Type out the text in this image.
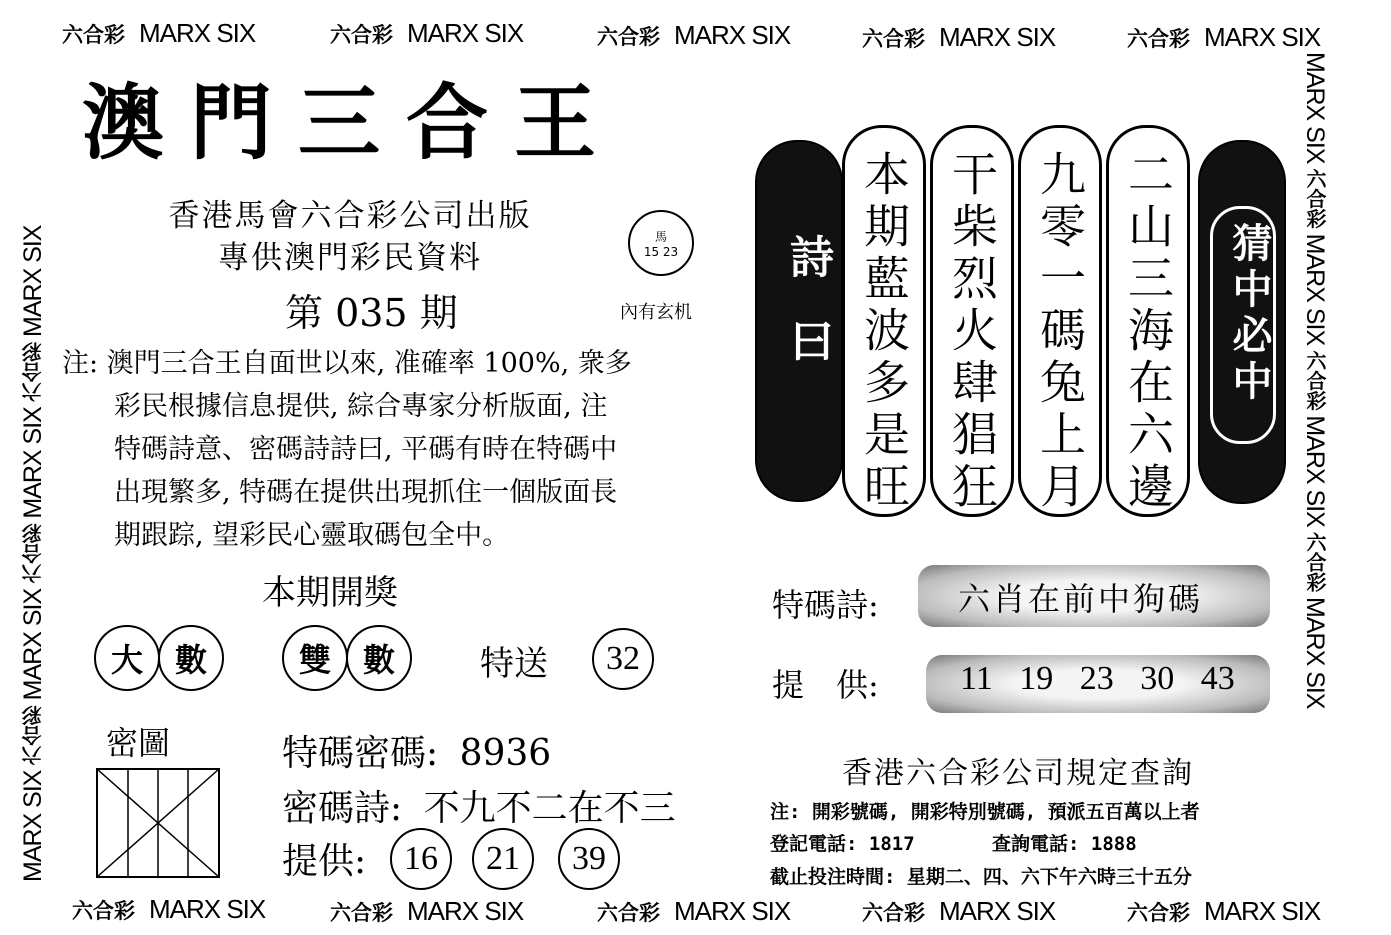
六合彩 MARX SIX	六合彩 MARX SIX	六合彩 MARX SIX	六合彩 MARX SIX	六合彩 MARX SIX
六合彩 MARX SIX	六合彩 MARX SIX	六合彩 MARX SIX	六合彩 MARX SIX	六合彩 MARX SIX
MARX SIX 六合彩 MARX SIX 六合彩 MARX SIX 六合彩 MARX SIX
MARX SIX 六合彩 MARX SIX 六合彩 MARX SIX 六合彩 MARX SIX
澳門三合王
香港馬會六合彩公司出版
專供澳門彩民資料
馬
15 23
第 035 期	內有玄机
注: 澳門三合王自面世以來, 准確率 100%, 衆多
彩民根據信息提供, 綜合專家分析版面, 注
特碼詩意、密碼詩詩曰, 平碼有時在特碼中
出現繁多, 特碼在提供出現抓住一個版面長
期跟踪, 望彩民心靈取碼包全中。
本期開獎
大 數	雙 數	特送	32
密圖	特碼密碼: 8936
密碼詩: 不九不二在不三
提供:	16	21	39
詩曰 本期藍波多是旺 干柴烈火肆猖狂 九零一碼兔上月 二山三海在六邊	猜中必中
特碼詩: 六肖在前中狗碼
提　供: 11 19 23 30 43
香港六合彩公司規定查詢
注: 開彩號碼, 開彩特別號碼, 預派五百萬以上者
登記電話: 1817	查詢電話: 1888
截止投注時間: 星期二、四、六下午六時三十五分
